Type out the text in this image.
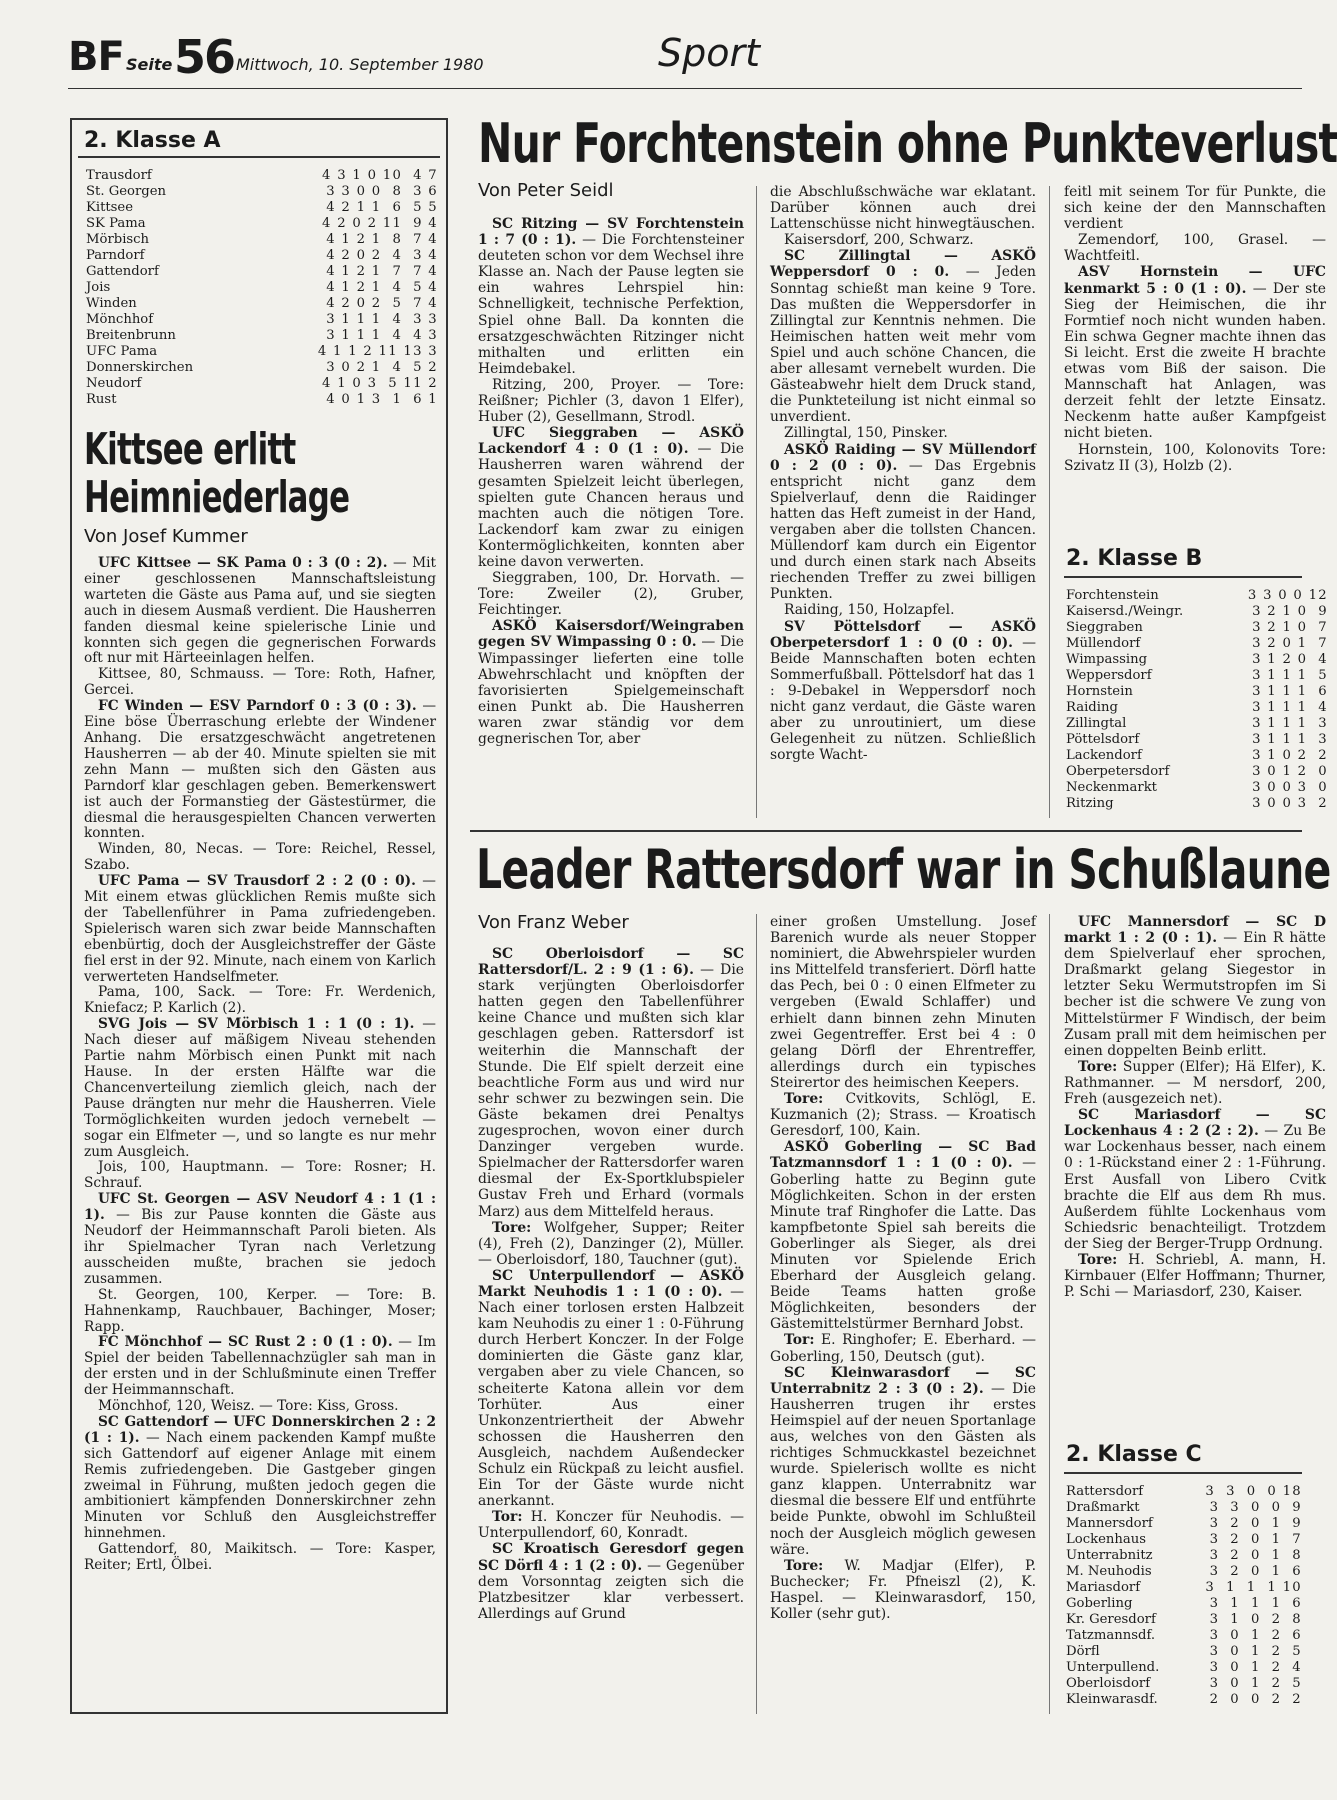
BF Seite 56 Mittwoch, 10. September 1980	Sport
2. Klasse A
Trausdorf	4 3 1 0 10  4 7
St. Georgen	3 3 0 0  8  3 6
Kittsee	4 2 1 1  6  5 5
SK Pama	4 2 0 2 11  9 4
Mörbisch	4 1 2 1  8  7 4
Parndorf	4 2 0 2  4  3 4
Gattendorf	4 1 2 1  7  7 4
Jois	4 1 2 1  4  5 4
Winden	4 2 0 2  5  7 4
Mönchhof	3 1 1 1  4  3 3
Breitenbrunn	3 1 1 1  4  4 3
UFC Pama	4 1 1 2 11 13 3
Donnerskirchen	3 0 2 1  4  5 2
Neudorf	4 1 0 3  5 11 2
Rust	4 0 1 3  1  6 1
Kittsee erlitt
Heimniederlage
Von Josef Kummer

UFC Kittsee — SK Pama 0 : 3 (0 : 2). — Mit einer geschlossenen Mannschaftsleistung warteten die Gäste aus Pama auf, und sie siegten auch in diesem Ausmaß verdient. Die Hausherren fanden diesmal keine spielerische Linie und konnten sich gegen die gegnerischen Forwards oft nur mit Härteeinlagen helfen.

Kittsee, 80, Schmauss. — Tore: Roth, Hafner, Gercei.

FC Winden — ESV Parndorf 0 : 3 (0 : 3). — Eine böse Überraschung erlebte der Windener Anhang. Die ersatzgeschwächt angetretenen Hausherren — ab der 40. Minute spielten sie mit zehn Mann — mußten sich den Gästen aus Parndorf klar geschlagen geben. Bemerkenswert ist auch der Formanstieg der Gästestürmer, die diesmal die herausgespielten Chancen verwerten konnten.

Winden, 80, Necas. — Tore: Reichel, Ressel, Szabo.

UFC Pama — SV Trausdorf 2 : 2 (0 : 0). — Mit einem etwas glücklichen Remis mußte sich der Tabellenführer in Pama zufriedengeben. Spielerisch waren sich zwar beide Mannschaften ebenbürtig, doch der Ausgleichstreffer der Gäste fiel erst in der 92. Minute, nach einem von Karlich verwerteten Handselfmeter.

Pama, 100, Sack. — Tore: Fr. Werdenich, Kniefacz; P. Karlich (2).

SVG Jois — SV Mörbisch 1 : 1 (0 : 1). — Nach dieser auf mäßigem Niveau stehenden Partie nahm Mörbisch einen Punkt mit nach Hause. In der ersten Hälfte war die Chancenverteilung ziemlich gleich, nach der Pause drängten nur mehr die Hausherren. Viele Tormöglichkeiten wurden jedoch vernebelt — sogar ein Elfmeter —, und so langte es nur mehr zum Ausgleich.

Jois, 100, Hauptmann. — Tore: Rosner; H. Schrauf.

UFC St. Georgen — ASV Neudorf 4 : 1 (1 : 1). — Bis zur Pause konnten die Gäste aus Neudorf der Heimmannschaft Paroli bieten. Als ihr Spielmacher Tyran nach Verletzung ausscheiden mußte, brachen sie jedoch zusammen.

St. Georgen, 100, Kerper. — Tore: B. Hahnenkamp, Rauchbauer, Bachinger, Moser; Rapp.

FC Mönchhof — SC Rust 2 : 0 (1 : 0). — Im Spiel der beiden Tabellennachzügler sah man in der ersten und in der Schlußminute einen Treffer der Heimmannschaft.

Mönchhof, 120, Weisz. — Tore: Kiss, Gross.

SC Gattendorf — UFC Donnerskirchen 2 : 2 (1 : 1). — Nach einem packenden Kampf mußte sich Gattendorf auf eigener Anlage mit einem Remis zufriedengeben. Die Gastgeber gingen zweimal in Führung, mußten jedoch gegen die ambitioniert kämpfenden Donnerskirchner zehn Minuten vor Schluß den Ausgleichstreffer hinnehmen.

Gattendorf, 80, Maikitsch. — Tore: Kasper, Reiter; Ertl, Ölbei.

Nur Forchtenstein ohne Punkteverlust
Von Peter Seidl

SC Ritzing — SV Forchtenstein 1 : 7 (0 : 1). — Die Forchtensteiner deuteten schon vor dem Wechsel ihre Klasse an. Nach der Pause legten sie ein wahres Lehrspiel hin: Schnelligkeit, technische Perfektion, Spiel ohne Ball. Da konnten die ersatzgeschwächten Ritzinger nicht mithalten und erlitten ein Heimdebakel.

Ritzing, 200, Proyer. — Tore: Reißner; Pichler (3, davon 1 Elfer), Huber (2), Gesellmann, Strodl.

UFC Sieggraben — ASKÖ Lackendorf 4 : 0 (1 : 0). — Die Hausherren waren während der gesamten Spielzeit leicht überlegen, spielten gute Chancen heraus und machten auch die nötigen Tore. Lackendorf kam zwar zu einigen Kontermöglichkeiten, konnten aber keine davon verwerten.

Sieggraben, 100, Dr. Horvath. — Tore: Zweiler (2), Gruber, Feichtinger.

ASKÖ Kaisersdorf/Weingraben gegen SV Wimpassing 0 : 0. — Die Wimpassinger lieferten eine tolle Abwehrschlacht und knöpften der favorisierten Spielgemeinschaft einen Punkt ab. Die Hausherren waren zwar ständig vor dem gegnerischen Tor, aber

die Abschlußschwäche war eklatant. Darüber können auch drei Lattenschüsse nicht hinwegtäuschen.

Kaisersdorf, 200, Schwarz.

SC Zillingtal — ASKÖ Weppersdorf 0 : 0. — Jeden Sonntag schießt man keine 9 Tore. Das mußten die Weppersdorfer in Zillingtal zur Kenntnis nehmen. Die Heimischen hatten weit mehr vom Spiel und auch schöne Chancen, die aber allesamt vernebelt wurden. Die Gästeabwehr hielt dem Druck stand, die Punkteteilung ist nicht einmal so unverdient.

Zillingtal, 150, Pinsker.

ASKÖ Raiding — SV Müllendorf 0 : 2 (0 : 0). — Das Ergebnis entspricht nicht ganz dem Spielverlauf, denn die Raidinger hatten das Heft zumeist in der Hand, vergaben aber die tollsten Chancen. Müllendorf kam durch ein Eigentor und durch einen stark nach Abseits riechenden Treffer zu zwei billigen Punkten.

Raiding, 150, Holzapfel.

SV Pöttelsdorf — ASKÖ Oberpetersdorf 1 : 0 (0 : 0). — Beide Mannschaften boten echten Sommerfußball. Pöttelsdorf hat das 1 : 9-Debakel in Weppersdorf noch nicht ganz verdaut, die Gäste waren aber zu unroutiniert, um diese Gelegenheit zu nützen. Schließlich sorgte Wacht-

feitl mit seinem Tor für Punkte, die sich keine der den Mannschaften verdient

Zemendorf, 100, Grasel. — Wachtfeitl.

ASV Hornstein — UFC kenmarkt 5 : 0 (1 : 0). — Der ste Sieg der Heimischen, die ihr Formtief noch nicht wunden haben. Ein schwa Gegner machte ihnen das Si leicht. Erst die zweite H brachte etwas vom Biß der saison. Die Mannschaft hat Anlagen, was derzeit fehlt der letzte Einsatz. Neckenm hatte außer Kampfgeist nicht bieten.

Hornstein, 100, Kolonovits Tore: Szivatz II (3), Holzb (2).

2. Klasse B
Forchtenstein	3 3 0 0 12
Kaisersd./Weingr.	3 2 1 0  9
Sieggraben	3 2 1 0  7
Müllendorf	3 2 0 1  7
Wimpassing	3 1 2 0  4
Weppersdorf	3 1 1 1  5
Hornstein	3 1 1 1  6
Raiding	3 1 1 1  4
Zillingtal	3 1 1 1  3
Pöttelsdorf	3 1 1 1  3
Lackendorf	3 1 0 2  2
Oberpetersdorf	3 0 1 2  0
Neckenmarkt	3 0 0 3  0
Ritzing	3 0 0 3  2
Leader Rattersdorf war in Schußlaune
Von Franz Weber

SC Oberloisdorf — SC Rattersdorf/L. 2 : 9 (1 : 6). — Die stark verjüngten Oberloisdorfer hatten gegen den Tabellenführer keine Chance und mußten sich klar geschlagen geben. Rattersdorf ist weiterhin die Mannschaft der Stunde. Die Elf spielt derzeit eine beachtliche Form aus und wird nur sehr schwer zu bezwingen sein. Die Gäste bekamen drei Penaltys zugesprochen, wovon einer durch Danzinger vergeben wurde. Spielmacher der Rattersdorfer waren diesmal der Ex-Sportklubspieler Gustav Freh und Erhard (vormals Marz) aus dem Mittelfeld heraus.

Tore: Wolfgeher, Supper; Reiter (4), Freh (2), Danzinger (2), Müller. — Oberloisdorf, 180, Tauchner (gut).

SC Unterpullendorf — ASKÖ Markt Neuhodis 1 : 1 (0 : 0). — Nach einer torlosen ersten Halbzeit kam Neuhodis zu einer 1 : 0-Führung durch Herbert Konczer. In der Folge dominierten die Gäste ganz klar, vergaben aber zu viele Chancen, so scheiterte Katona allein vor dem Torhüter. Aus einer Unkonzentriertheit der Abwehr schossen die Hausherren den Ausgleich, nachdem Außendecker Schulz ein Rückpaß zu leicht ausfiel. Ein Tor der Gäste wurde nicht anerkannt.

Tor: H. Konczer für Neuhodis. — Unterpullendorf, 60, Konradt.

SC Kroatisch Geresdorf gegen SC Dörfl 4 : 1 (2 : 0). — Gegenüber dem Vorsonntag zeigten sich die Platzbesitzer klar verbessert. Allerdings auf Grund

einer großen Umstellung. Josef Barenich wurde als neuer Stopper nominiert, die Abwehrspieler wurden ins Mittelfeld transferiert. Dörfl hatte das Pech, bei 0 : 0 einen Elfmeter zu vergeben (Ewald Schlaffer) und erhielt dann binnen zehn Minuten zwei Gegentreffer. Erst bei 4 : 0 gelang Dörfl der Ehrentreffer, allerdings durch ein typisches Steirertor des heimischen Keepers.

Tore: Cvitkovits, Schlögl, E. Kuzmanich (2); Strass. — Kroatisch Geresdorf, 100, Kain.

ASKÖ Goberling — SC Bad Tatzmannsdorf 1 : 1 (0 : 0). — Goberling hatte zu Beginn gute Möglichkeiten. Schon in der ersten Minute traf Ringhofer die Latte. Das kampfbetonte Spiel sah bereits die Goberlinger als Sieger, als drei Minuten vor Spielende Erich Eberhard der Ausgleich gelang. Beide Teams hatten große Möglichkeiten, besonders der Gästemittelstürmer Bernhard Jobst.

Tor: E. Ringhofer; E. Eberhard. — Goberling, 150, Deutsch (gut).

SC Kleinwarasdorf — SC Unterrabnitz 2 : 3 (0 : 2). — Die Hausherren trugen ihr erstes Heimspiel auf der neuen Sportanlage aus, welches von den Gästen als richtiges Schmuckkastel bezeichnet wurde. Spielerisch wollte es nicht ganz klappen. Unterrabnitz war diesmal die bessere Elf und entführte beide Punkte, obwohl im Schlußteil noch der Ausgleich möglich gewesen wäre.

Tore: W. Madjar (Elfer), P. Buchecker; Fr. Pfneiszl (2), K. Haspel. — Kleinwarasdorf, 150, Koller (sehr gut).

UFC Mannersdorf — SC D markt 1 : 2 (0 : 1). — Ein R hätte dem Spielverlauf eher sprochen, Draßmarkt gelang Siegestor in letzter Seku Wermutstropfen im Si becher ist die schwere Ve zung von Mittelstürmer F Windisch, der beim Zusam prall mit dem heimischen per einen doppelten Beinb erlitt.

Tore: Supper (Elfer); Hä Elfer), K. Rathmanner. — M nersdorf, 200, Freh (ausgezeich net).

SC Mariasdorf — SC Lockenhaus 4 : 2 (2 : 2). — Zu Be war Lockenhaus besser, nach einem 0 : 1-Rückstand einer 2 : 1-Führung. Erst Ausfall von Libero Cvitk brachte die Elf aus dem Rh mus. Außerdem fühlte Lockenhaus vom Schiedsric benachteiligt. Trotzdem der Sieg der Berger-Trupp Ordnung.

Tore: H. Schriebl, A. mann, H. Kirnbauer (Elfer Hoffmann; Thurner, P. Schi — Mariasdorf, 230, Kaiser.

2. Klasse C
Rattersdorf	3  3  0  0 18
Draßmarkt	3  3  0  0  9
Mannersdorf	3  2  0  1  9
Lockenhaus	3  2  0  1  7
Unterrabnitz	3  2  0  1  8
M. Neuhodis	3  2  0  1  6
Mariasdorf	3  1  1  1 10
Goberling	3  1  1  1  6
Kr. Geresdorf	3  1  0  2  8
Tatzmannsdf.	3  0  1  2  6
Dörfl	3  0  1  2  5
Unterpullend.	3  0  1  2  4
Oberloisdorf	3  0  1  2  5
Kleinwarasdf.	2  0  0  2  2
